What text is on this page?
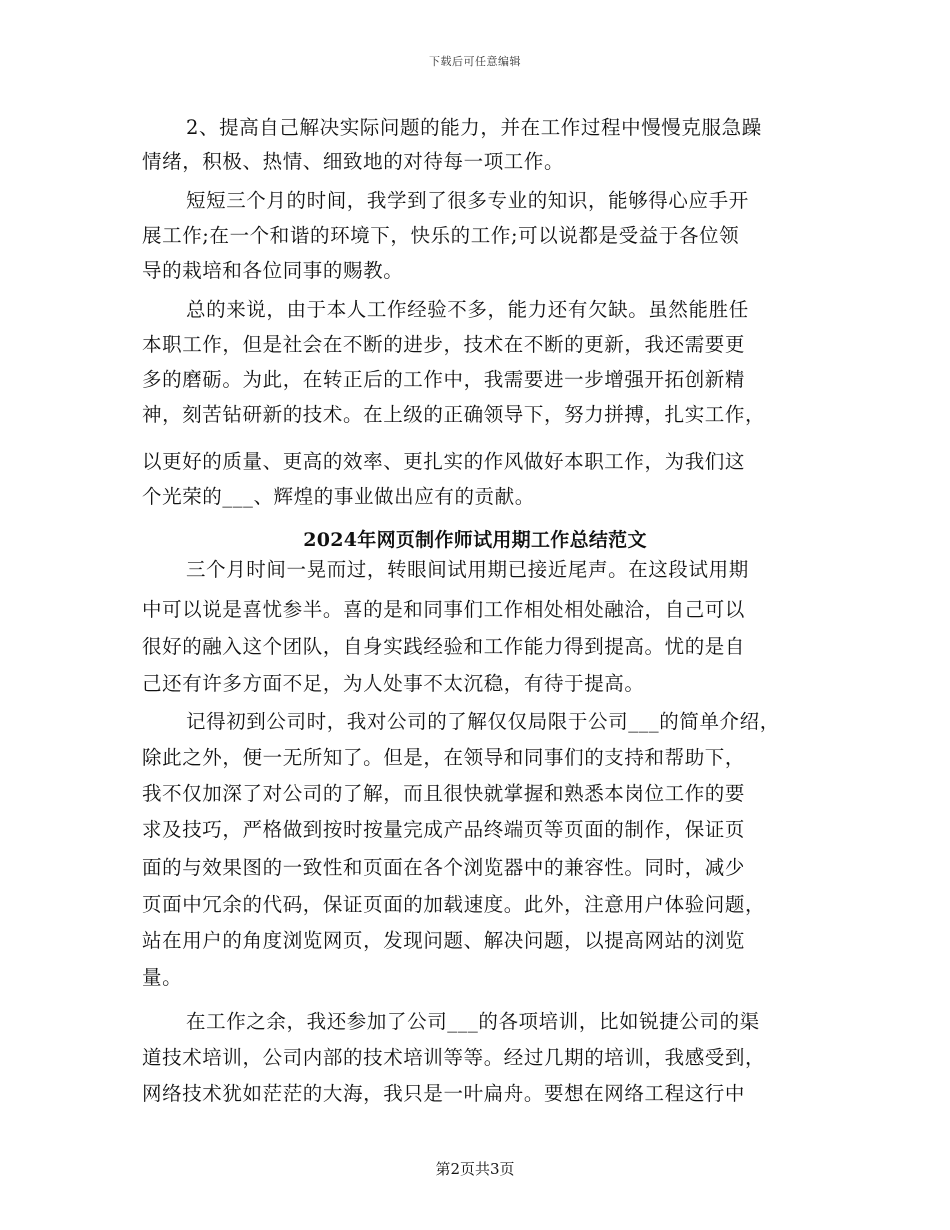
下载后可任意编辑
2、提高自己解决实际问题的能力，并在工作过程中慢慢克服急躁
情绪，积极、热情、细致地的对待每一项工作。
短短三个月的时间，我学到了很多专业的知识，能够得心应手开
展工作;在一个和谐的环境下，快乐的工作;可以说都是受益于各位领
导的栽培和各位同事的赐教。
总的来说，由于本人工作经验不多，能力还有欠缺。虽然能胜任
本职工作，但是社会在不断的进步，技术在不断的更新，我还需要更
多的磨砺。为此，在转正后的工作中，我需要进一步增强开拓创新精
神，刻苦钻研新的技术。在上级的正确领导下，努力拼搏，扎实工作，
以更好的质量、更高的效率、更扎实的作风做好本职工作，为我们这
个光荣的___、辉煌的事业做出应有的贡献。
2024年网页制作师试用期工作总结范文
三个月时间一晃而过，转眼间试用期已接近尾声。在这段试用期
中可以说是喜忧参半。喜的是和同事们工作相处相处融洽，自己可以
很好的融入这个团队，自身实践经验和工作能力得到提高。忧的是自
己还有许多方面不足，为人处事不太沉稳，有待于提高。
记得初到公司时，我对公司的了解仅仅局限于公司___的简单介绍，
除此之外，便一无所知了。但是，在领导和同事们的支持和帮助下，
我不仅加深了对公司的了解，而且很快就掌握和熟悉本岗位工作的要
求及技巧，严格做到按时按量完成产品终端页等页面的制作，保证页
面的与效果图的一致性和页面在各个浏览器中的兼容性。同时，减少
页面中冗余的代码，保证页面的加载速度。此外，注意用户体验问题，
站在用户的角度浏览网页，发现问题、解决问题，以提高网站的浏览
量。
在工作之余，我还参加了公司___的各项培训，比如锐捷公司的渠
道技术培训，公司内部的技术培训等等。经过几期的培训，我感受到，
网络技术犹如茫茫的大海，我只是一叶扁舟。要想在网络工程这行中
第2页共3页
